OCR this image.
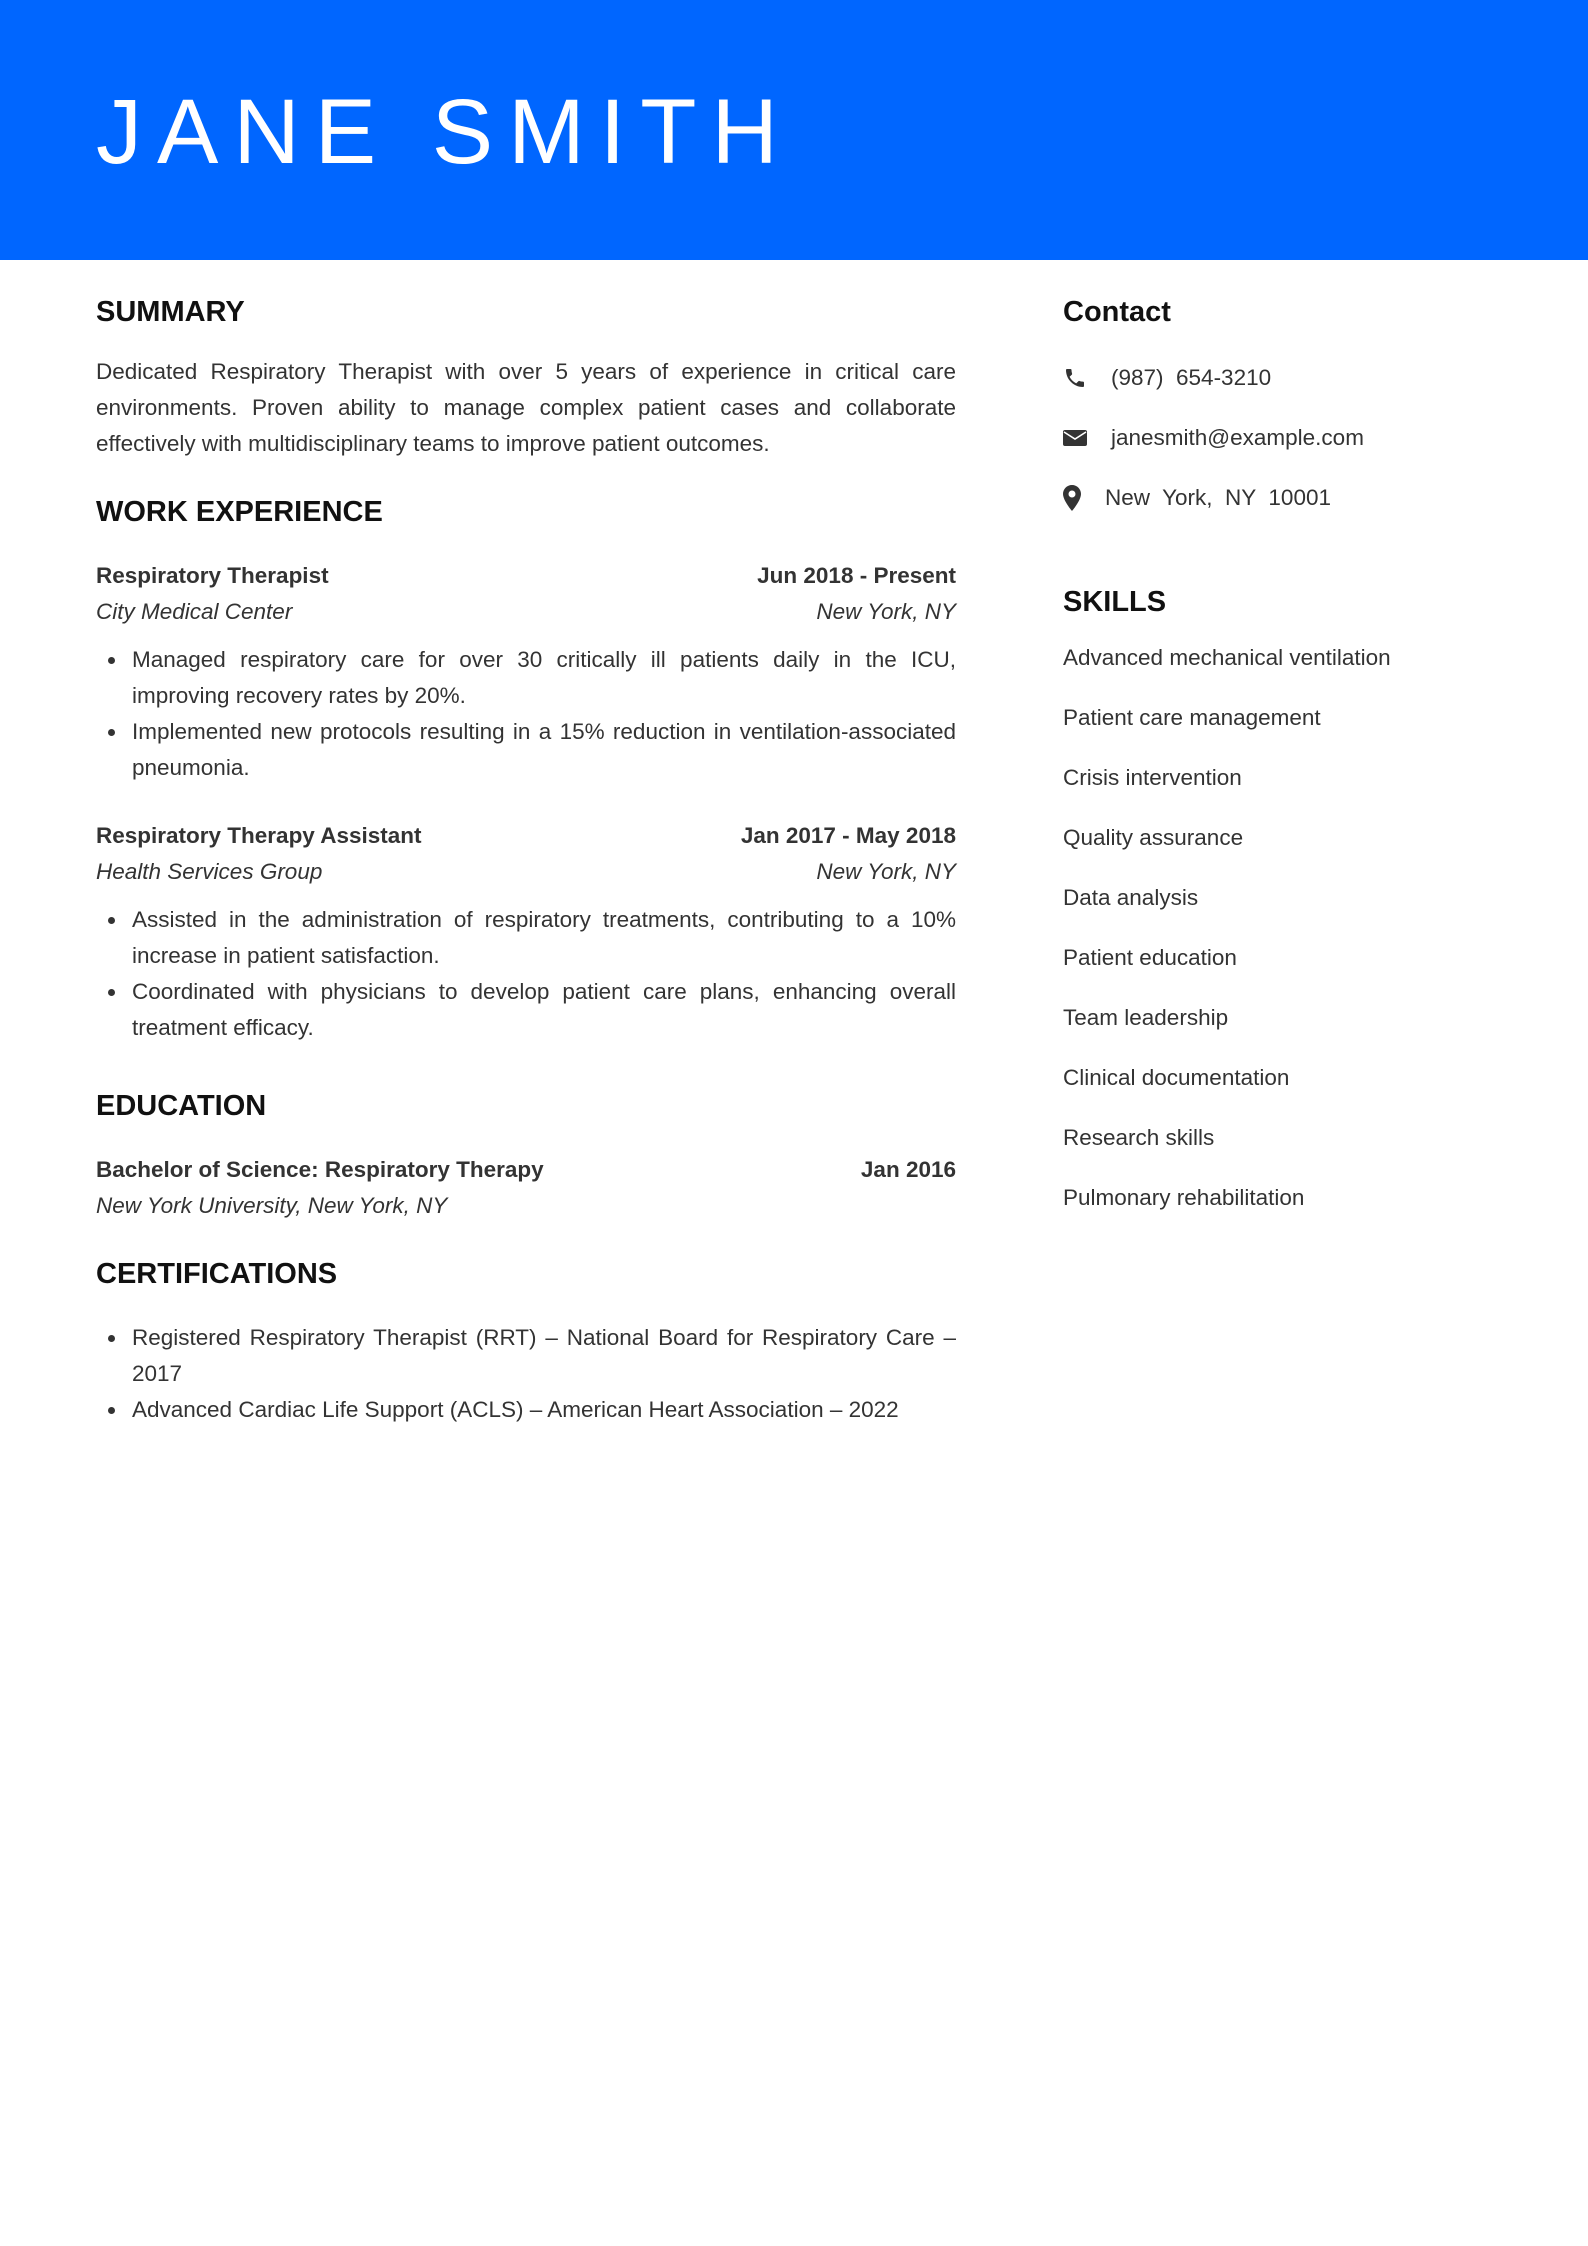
JANE SMITH
SUMMARY

Dedicated Respiratory Therapist with over 5 years of experience in critical care environments. Proven ability to manage complex patient cases and collaborate effectively with multidisciplinary teams to improve patient outcomes.

WORK EXPERIENCE
Respiratory Therapist	Jun 2018 - Present
City Medical Center	New York, NY
Managed respiratory care for over 30 critically ill patients daily in the ICU, improving recovery rates by 20%.
Implemented new protocols resulting in a 15% reduction in ventilation-associated pneumonia.
Respiratory Therapy Assistant	Jan 2017 - May 2018
Health Services Group	New York, NY
Assisted in the administration of respiratory treatments, contributing to a 10% increase in patient satisfaction.
Coordinated with physicians to develop patient care plans, enhancing overall treatment efficacy.
EDUCATION
Bachelor of Science: Respiratory Therapy	Jan 2016
New York University, New York, NY
CERTIFICATIONS
Registered Respiratory Therapist (RRT) – National Board for Respiratory Care – 2017
Advanced Cardiac Life Support (ACLS) – American Heart Association – 2022
Contact
(987)  654-3210
janesmith@example.com
New  York,  NY  10001
SKILLS
Advanced mechanical ventilation
Patient care management
Crisis intervention
Quality assurance
Data analysis
Patient education
Team leadership
Clinical documentation
Research skills
Pulmonary rehabilitation
